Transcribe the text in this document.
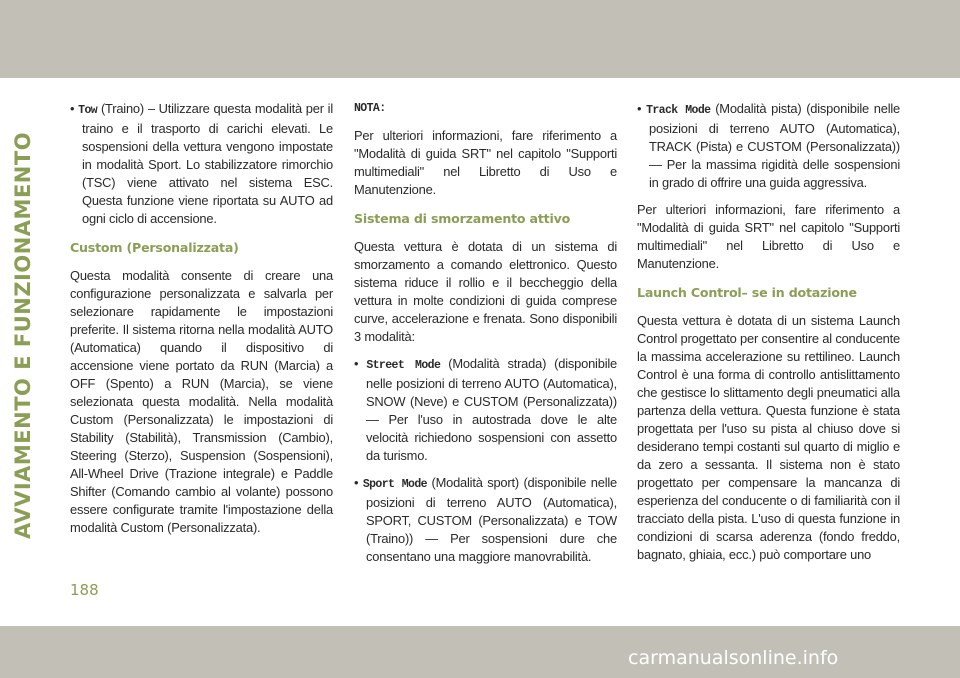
AVVIAMENTO E FUNZIONAMENTO

• Tow (Traino) – Utilizzare questa modalità per il traino e il trasporto di carichi elevati. Le sospensioni della vettura vengono impostate in modalità Sport. Lo stabilizzatore rimorchio (TSC) viene attivato nel sistema ESC. Questa funzione viene riportata su AUTO ad ogni ciclo di accensione.

Custom (Personalizzata)

Questa modalità consente di creare una configurazione personalizzata e salvarla per selezionare rapidamente le impostazioni preferite. Il sistema ritorna nella modalità AUTO (Automatica) quando il dispositivo di accensione viene portato da RUN (Marcia) a OFF (Spento) a RUN (Marcia), se viene selezionata questa modalità. Nella modalità Custom (Personalizzata) le impostazioni di Stability (Stabilità), Transmission (Cambio), Steering (Sterzo), Suspension (Sospensioni), All-Wheel Drive (Trazione integrale) e Paddle Shifter (Comando cambio al volante) possono essere configurate tramite l'impostazione della modalità Custom (Personalizzata).

NOTA:

Per ulteriori informazioni, fare riferimento a "Modalità di guida SRT" nel capitolo "Supporti multimediali" nel Libretto di Uso e Manutenzione.

Sistema di smorzamento attivo

Questa vettura è dotata di un sistema di smorzamento a comando elettronico. Questo sistema riduce il rollio e il beccheggio della vettura in molte condizioni di guida comprese curve, accelerazione e frenata. Sono disponibili 3 modalità:

• Street Mode (Modalità strada) (disponibile nelle posizioni di terreno AUTO (Automatica), SNOW (Neve) e CUSTOM (Personalizzata)) — Per l'uso in autostrada dove le alte velocità richiedono sospensioni con assetto da turismo.

• Sport Mode (Modalità sport) (disponibile nelle posizioni di terreno AUTO (Automatica), SPORT, CUSTOM (Personalizzata) e TOW (Traino)) — Per sospensioni dure che consentano una maggiore manovrabilità.

• Track Mode (Modalità pista) (disponibile nelle posizioni di terreno AUTO (Automatica), TRACK (Pista) e CUSTOM (Personalizzata)) — Per la massima rigidità delle sospensioni in grado di offrire una guida aggressiva.

Per ulteriori informazioni, fare riferimento a "Modalità di guida SRT" nel capitolo "Supporti multimediali" nel Libretto di Uso e Manutenzione.

Launch Control– se in dotazione

Questa vettura è dotata di un sistema Launch Control progettato per consentire al conducente la massima accelerazione su rettilineo. Launch Control è una forma di controllo antislittamento che gestisce lo slittamento degli pneumatici alla partenza della vettura. Questa funzione è stata progettata per l'uso su pista al chiuso dove si desiderano tempi costanti sul quarto di miglio e da zero a sessanta. Il sistema non è stato progettato per compensare la mancanza di esperienza del conducente o di familiarità con il tracciato della pista. L'uso di questa funzione in condizioni di scarsa aderenza (fondo freddo, bagnato, ghiaia, ecc.) può comportare uno

188
carmanualsonline.info
